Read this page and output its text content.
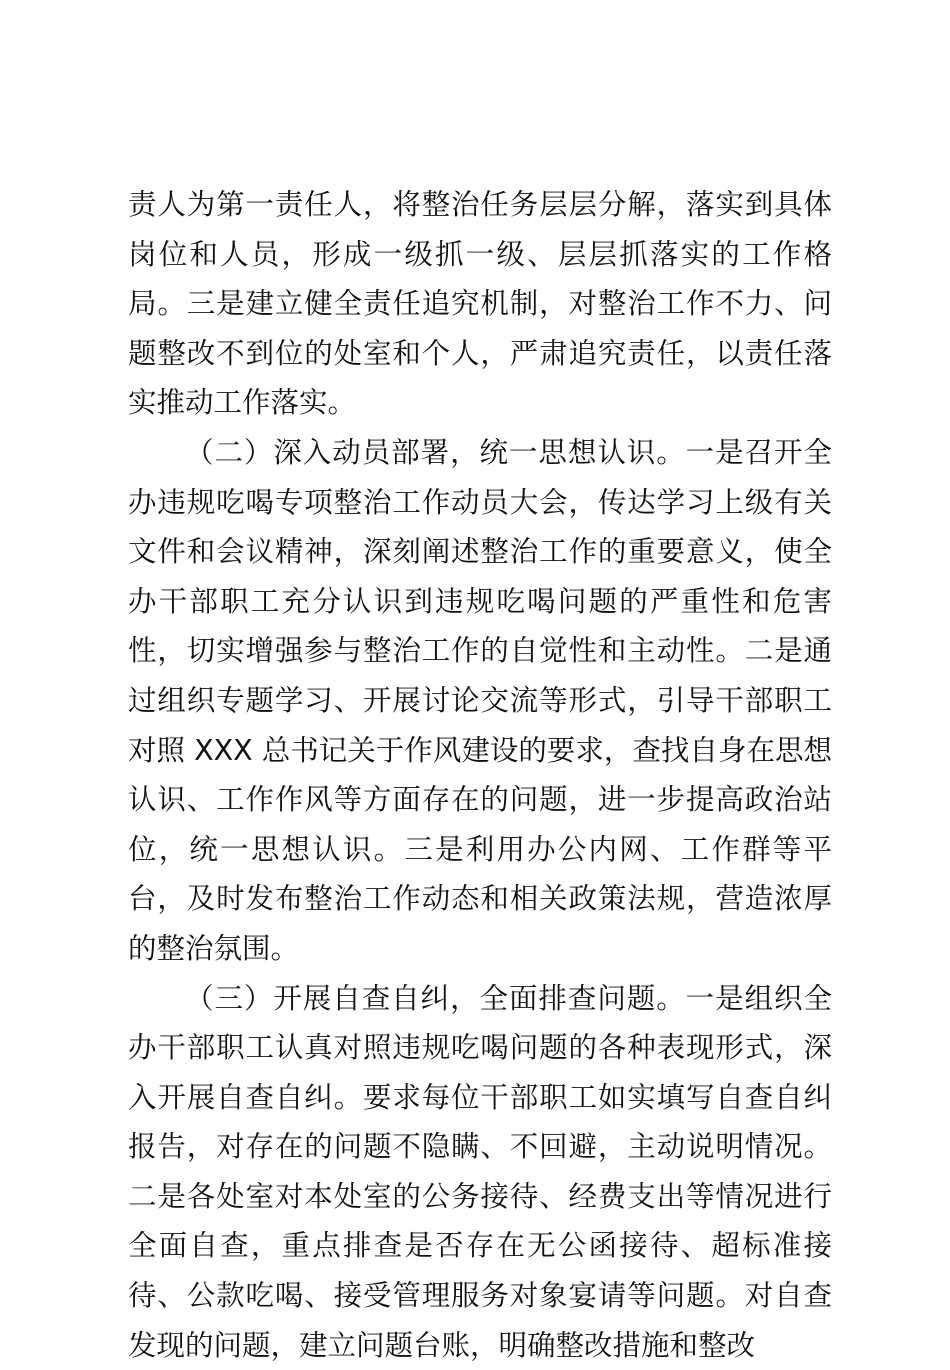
责人为第一责任人，将整治任务层层分解，落实到具体岗位和人员，形成一级抓一级、层层抓落实的工作格局。三是建立健全责任追究机制，对整治工作不力、问题整改不到位的处室和个人，严肃追究责任，以责任落实推动工作落实。

（二）深入动员部署，统一思想认识。一是召开全办违规吃喝专项整治工作动员大会，传达学习上级有关文件和会议精神，深刻阐述整治工作的重要意义，使全办干部职工充分认识到违规吃喝问题的严重性和危害性，切实增强参与整治工作的自觉性和主动性。二是通过组织专题学习、开展讨论交流等形式，引导干部职工对照 XXX 总书记关于作风建设的要求，查找自身在思想认识、工作作风等方面存在的问题，进一步提高政治站位，统一思想认识。三是利用办公内网、工作群等平台，及时发布整治工作动态和相关政策法规，营造浓厚的整治氛围。

（三）开展自查自纠，全面排查问题。一是组织全办干部职工认真对照违规吃喝问题的各种表现形式，深入开展自查自纠。要求每位干部职工如实填写自查自纠报告，对存在的问题不隐瞒、不回避，主动说明情况。二是各处室对本处室的公务接待、经费支出等情况进行全面自查，重点排查是否存在无公函接待、超标准接待、公款吃喝、接受管理服务对象宴请等问题。对自查发现的问题，建立问题台账，明确整改措施和整改
